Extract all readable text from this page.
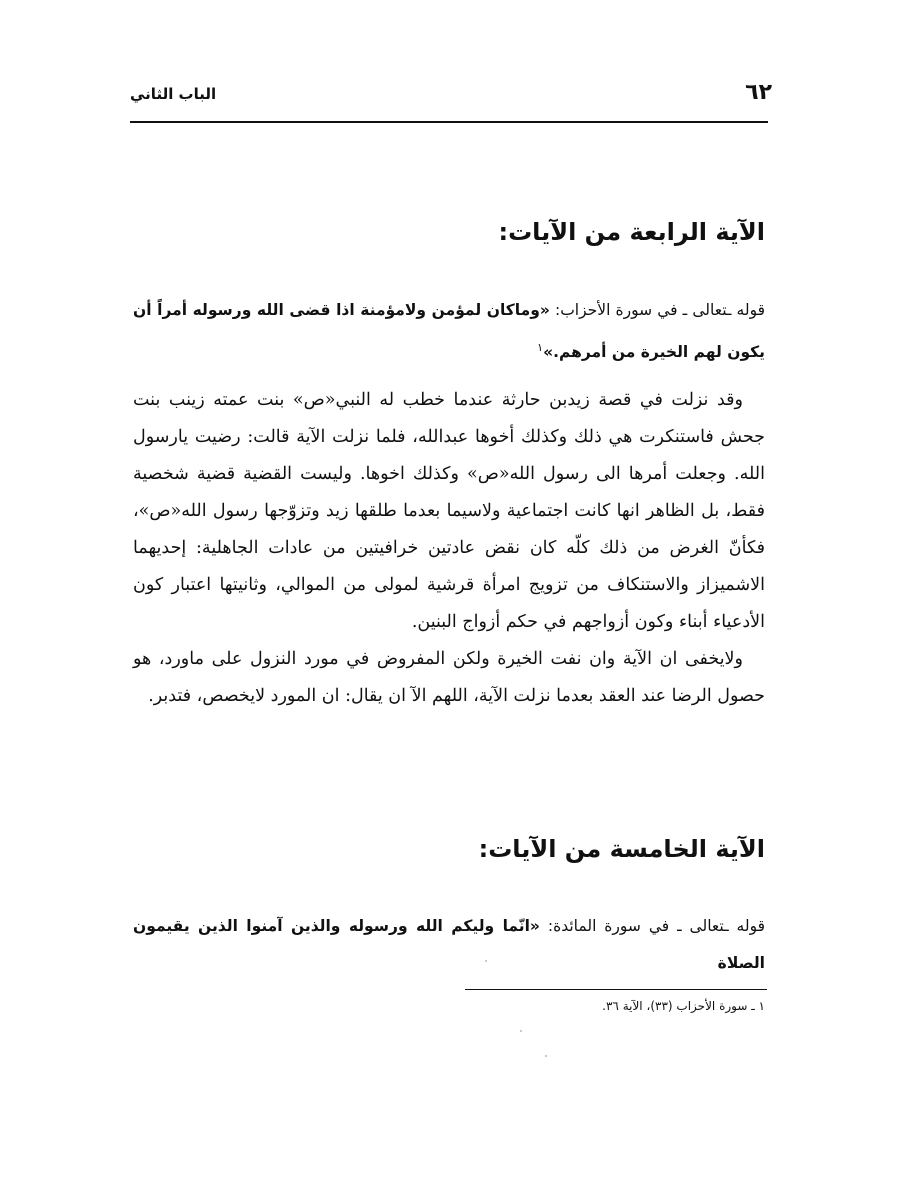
الباب الثاني	٦٢
الآية الرابعة من الآيات:

قوله ـتعالى ـ في سورة الأحزاب: «وماكان لمؤمن ولامؤمنة اذا قضى الله ورسوله أمراً أن يكون لهم الخيرة من أمرهم.»$^١$

وقد نزلت في قصة زيدبن حارثة عندما خطب له النبي«ص» بنت عمته زينب بنت جحش فاستنكرت هي ذلك وكذلك أخوها عبدالله، فلما نزلت الآية قالت: رضيت يارسول الله. وجعلت أمرها الى رسول الله«ص» وكذلك اخوها. وليست القضية قضية شخصية فقط، بل الظاهر انها كانت اجتماعية ولاسيما بعدما طلقها زيد وتزوّجها رسول الله«ص»، فكأنّ الغرض من ذلك كلّه كان نقض عادتين خرافيتين من عادات الجاهلية: إحديهما الاشميزاز والاستنكاف من تزويج امرأة قرشية لمولى من الموالي، وثانيتها اعتبار كون الأدعياء أبناء وكون أزواجهم في حكم أزواج البنين.

ولايخفى ان الآية وان نفت الخيرة ولكن المفروض في مورد النزول على ماورد، هو حصول الرضا عند العقد بعدما نزلت الآية، اللهم الآ ان يقال: ان المورد لايخصص، فتدبر.

الآية الخامسة من الآيات:

قوله ـتعالى ـ في سورة المائدة: «انّما وليكم الله ورسوله والذين آمنوا الذين يقيمون الصلاة

١ ـ سورة الأحزاب (٣٣)، الآية ٣٦.
